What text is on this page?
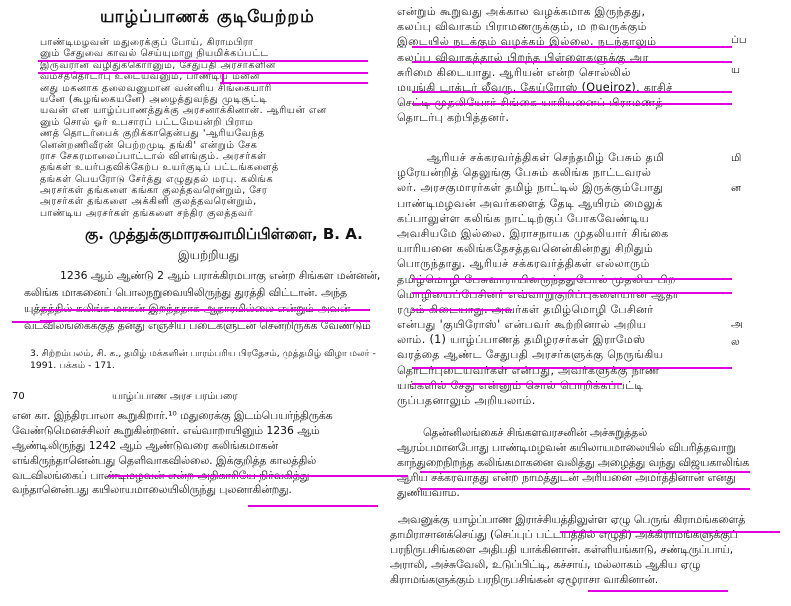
யாழ்ப்பாணக் குடியேற்றம்
பாண்டிமழவன் மதுரைக்குப் போய், கிராமபிரா
னும் சேதுவை காவல் செய்யுமாறு நியமிக்கப்பட்ட
இருவரான வழிதுக்கொர்னும், சேதுபதி அரசர்களின்
வம்சத்தொடர்பு உடையவனும், பாண்டிய மன்ன
னது மகனாக தலைவனுமான வன்னிய சிங்கையாரி
யனே (கூழங்கையனே) அழைத்துவந்து முடிசூட்டி
யவன் என யாழ்ப்பாணத்துக்கு அரசனாக்கினான். ஆரியன் என
னும் சொல் ஓர் உபசாரப் பட்டமேயன்றி பிராம
ணத் தொடர்பைக் குறிக்காதென்பது 'ஆரியவேந்த
னென்றணிவீரன் பெற்றமுடி தங்கி' என்றும் சேக
ராச சேகரமாலைப்பாட்டால் விளங்கும். அரசர்கள்
தங்கள் உயர்பதவிக்கேற்ப உயர்குடிப் பட்டங்களைத்
தங்கள் பெயரோடு சேர்த்து எழுதுதல் மரபு. கலிங்க
அரசர்கள் தங்களை கங்கா குலத்தவரென்றும், சேர
அரசர்கள் தங்களை அக்கினி குலத்தவரென்றும்,
பாண்டிய அரசர்கள் தங்களை சந்திர குலத்தவர்
கு. முத்துக்குமாரசுவாமிப்பிள்ளை, B. A.
இயற்றியது
1236 ஆம் ஆண்டு 2 ஆம் பராக்கிரமபாகு என்ற சிங்கள மன்னன்,
கலிங்க மாகனைப் பொலநறுவையிலிருந்து துரத்தி விட்டான். அந்த
யுத்தத்தில் கலிங்க மாகன் இறந்ததாக ஆதாரமில்லை என்றும் அவன்
வடவிலங்கைக்குத் தனது எஞ்சிய படைகளுடன் சென்றிருக்க வேண்டும்
3. சிற்றம்பலம், சி. க., தமிழ் மக்களின் பாரம்பரிய பிரதேசம், முத்தமிழ் விழா மலர் - 1991. பக்கம் - 171.
70	யாழ்ப்பாண அரச பரம்பரை
என கா. இந்திரபாலா கூறுகிறார்.¹⁰ மதுரைக்கு இடம்பெயர்ந்திருக்க
வேண்டுமெனச்சிலர் கூறுகின்றனர். எவ்வாறாயினும் 1236 ஆம்
ஆண்டிலிருந்து 1242 ஆம் ஆண்டுவரை கலிங்கமாகன்
எங்கிருந்தானென்பது தெளிவாகவில்லை. இக்குறித்த காலத்தில்
வடவிலங்கைப் பாண்டிமழவன் என்ற அதிகாரியே நிர்வகித்து
வந்தானென்பது கயிலாயமாலையிலிருந்து புலனாகின்றது.
என்றும் கூறுவது அக்கால வழக்கமாக இருந்தது,
கலப்பு விவாகம் பிராமணருக்கும், ம றவருக்கும்
இடையில் நடக்கும் வழக்கம் இல்லை. நடந்தாலும்
கலப்பு விவாகத்தால் பிறந்த பிள்ளைகளுக்கு அர
சுரிமை கிடையாது. ஆரியன் என்ற சொல்லில்
மயங்கி டாக்டர் லீவரு, கேய்ரோஸ் (Queiroz), காசிச்
செட்டி முதலியோர் சிங்கை யாரியனைப் பிராமணத்
தொடர்பு கற்பித்தனர்.
ஆரியச் சக்கரவர்த்திகள் செந்தமிழ் பேசும் தமி
ழரேயன்றித் தெலுங்கு பேசும் கலிங்க நாட்டவரல்
லர். அரசகுமாரர்கள் தமிழ் நாட்டில் இருக்கும்போது
பாண்டிமழவன் அவர்களைத் தேடி ஆயிரம் மைலுக்
கப்பாலுள்ள கலிங்க நாட்டிற்குப் போகவேண்டிய
அவசியமே இல்லை. இராசநாயக முதலியார் சிங்கை
யாரியனை கலிங்கதேசத்தவனென்கின்றது சிறிதும்
பொருந்தாது. ஆரியச் சக்கரவர்த்திகள் எல்லாரும்
தமிழ்மொழி பேசுவாராயினருந்ததுபோல் முதலிய பிற
மொழியைப்பேசினர் எவ்வாறுகுறிப்புகளையான ஆதா
ரமும் கிடையாது. அவர்கள் தமிழ்மொழி பேசினர்
என்பது 'குயிரோஸ்' என்பவர் கூற்றினால் அறிய
லாம். (1) யாழ்ப்பாணத் தமிழரசர்கள் இராமேஸ்
வரத்தை ஆண்ட சேதுபதி அரசர்களுக்கு நெருங்கிய
தொடர்புடையவர்கள் என்பது, அவர்களுக்கு நாண
யங்களில் சேது என்னும் சொல் பொறிக்கப்பட்டி
ருப்பதனாலும் அறியலாம்.
தென்னிலங்கைச் சிங்களவரசனின் அச்சுறுத்தல்
ஆரம்பமானபோது பாண்டிமழவன் கயிலாயமாலையில் விபரித்தவாறு
காந்துறைநிறந்த கலிங்கமாகனை வலித்து அழைத்து வந்து விஜயகாலிங்க
ஆரிய சக்கரவாதது என்ற நாமத்துடன் அரியனை அமர்த்தினான் எனது
துணியவாம்.
அவனுக்கு யாழ்ப்பாண இராச்சியத்திலுள்ள ஏழு பெருங் கிராமங்களைத்
தாமிராசானக்செய்து (செப்புப் பட்டயத்தில் எழுதி) அக்கிராமங்களுக்குப்
பரநிருபசிங்களை அதிபதி யாக்கினான். கள்ளியங்காடு, சண்டிருப்பாய்,
அராலி, அச்சுவேலி, உடுப்பிட்டி, கச்சாய், மல்லாகம் ஆகிய ஏழு
கிராமங்களுக்கும் பரநிருபசிங்கன் ஏழூராசா வாகினான்.
ப்ப
ய
மி
ன
அ
ல
